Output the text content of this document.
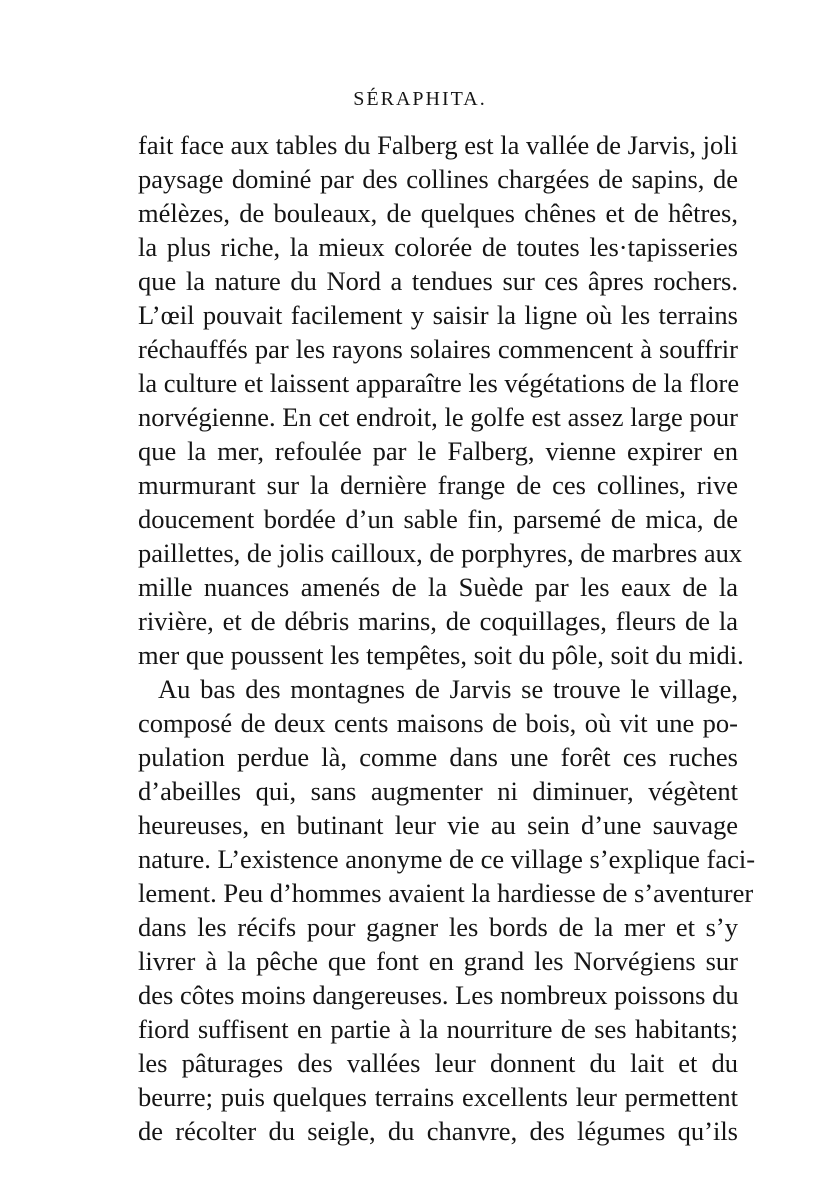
SÉRAPHITA.
fait face aux tables du Falberg est la vallée de Jarvis, joli
paysage dominé par des collines chargées de sapins, de
mélèzes, de bouleaux, de quelques chênes et de hêtres,
la plus riche, la mieux colorée de toutes les·tapisseries
que la nature du Nord a tendues sur ces âpres rochers.
L’œil pouvait facilement y saisir la ligne où les terrains
réchauffés par les rayons solaires commencent à souffrir
la culture et laissent apparaître les végétations de la flore
norvégienne. En cet endroit, le golfe est assez large pour
que la mer, refoulée par le Falberg, vienne expirer en
murmurant sur la dernière frange de ces collines, rive
doucement bordée d’un sable fin, parsemé de mica, de
paillettes, de jolis cailloux, de porphyres, de marbres aux
mille nuances amenés de la Suède par les eaux de la
rivière, et de débris marins, de coquillages, fleurs de la
mer que poussent les tempêtes, soit du pôle, soit du midi.
Au bas des montagnes de Jarvis se trouve le village,
composé de deux cents maisons de bois, où vit une po-
pulation perdue là, comme dans une forêt ces ruches
d’abeilles qui, sans augmenter ni diminuer, végètent
heureuses, en butinant leur vie au sein d’une sauvage
nature. L’existence anonyme de ce village s’explique faci-
lement. Peu d’hommes avaient la hardiesse de s’aventurer
dans les récifs pour gagner les bords de la mer et s’y
livrer à la pêche que font en grand les Norvégiens sur
des côtes moins dangereuses. Les nombreux poissons du
fiord suffisent en partie à la nourriture de ses habitants;
les pâturages des vallées leur donnent du lait et du
beurre; puis quelques terrains excellents leur permettent
de récolter du seigle, du chanvre, des légumes qu’ils
